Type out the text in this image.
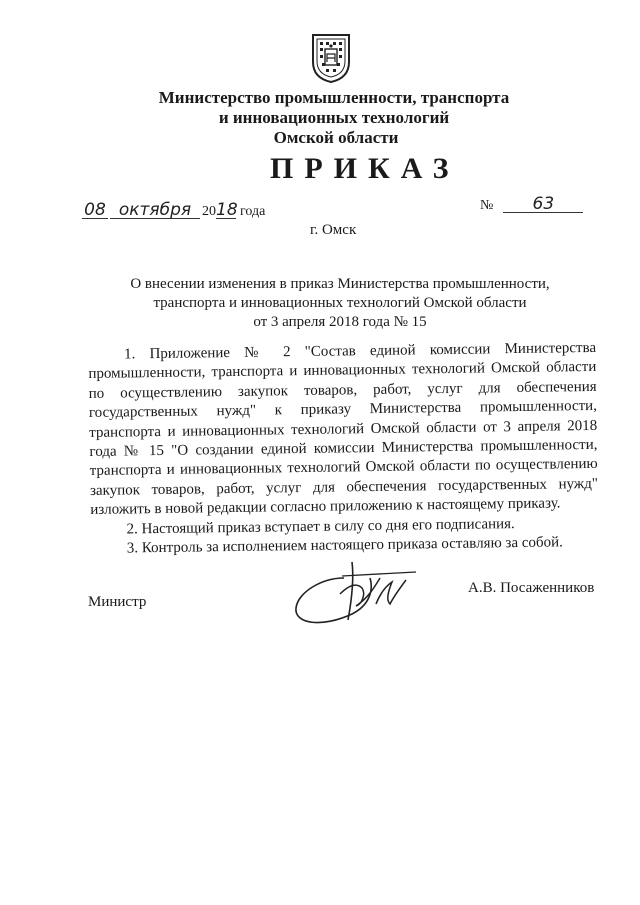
Министерство промышленности, транспорта
и инновационных технологий
Омской области
ПРИКАЗ
08 октября 2018 года	№ 63
г. Омск
О внесении изменения в приказ Министерства промышленности,
транспорта и инновационных технологий Омской области
от 3 апреля 2018 года № 15

1. Приложение № 2 "Состав единой комиссии Министерства промышленности, транспорта и инновационных технологий Омской области по осуществлению закупок товаров, работ, услуг для обеспечения государственных нужд" к приказу Министерства промышленности, транспорта и инновационных технологий Омской области от 3 апреля 2018 года № 15 "О создании единой комиссии Министерства промышленности, транспорта и инновационных технологий Омской области по осуществлению закупок товаров, работ, услуг для обеспечения государственных нужд" изложить в новой редакции согласно приложению к настоящему приказу.

2. Настоящий приказ вступает в силу со дня его подписания.

3. Контроль за исполнением настоящего приказа оставляю за собой.

Министр
А.В. Посаженников
